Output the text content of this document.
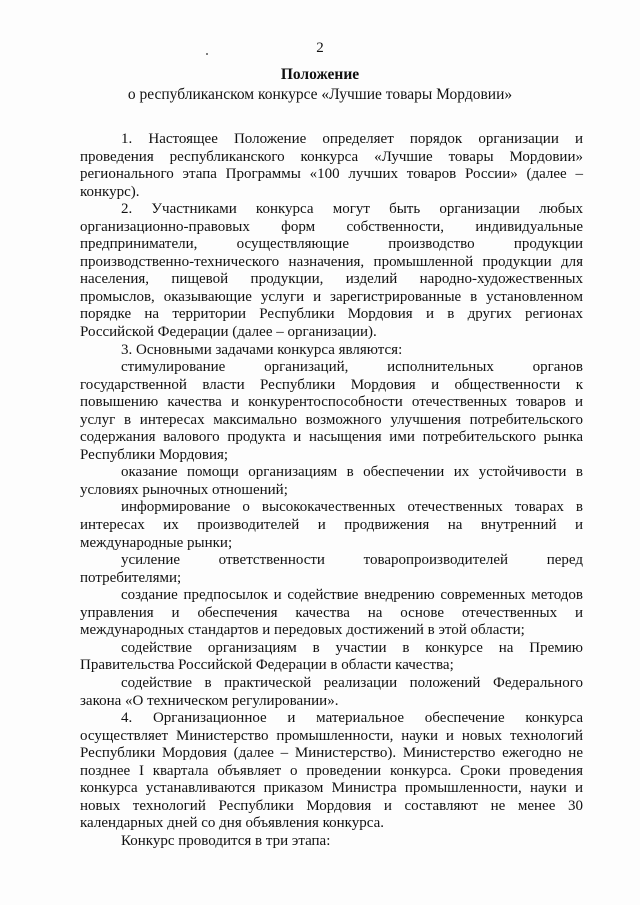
2
Положение
о республиканском конкурсе «Лучшие товары Мордовии»

1. Настоящее Положение определяет порядок организации и проведения республиканского конкурса «Лучшие товары Мордовии» регионального этапа Программы «100 лучших товаров России» (далее – конкурс).

2. Участниками конкурса могут быть организации любых организационно-правовых форм собственности, индивидуальные предприниматели, осуществляющие производство продукции производственно-технического назначения, промышленной продукции для населения, пищевой продукции, изделий народно-художественных промыслов, оказывающие услуги и зарегистрированные в установленном порядке на территории Республики Мордовия и в других регионах Российской Федерации (далее – организации).

3. Основными задачами конкурса являются:

стимулирование организаций, исполнительных органов государственной власти Республики Мордовия и общественности к повышению качества и конкурентоспособности отечественных товаров и услуг в интересах максимально возможного улучшения потребительского содержания валового продукта и насыщения ими потребительского рынка Республики Мордовия;

оказание помощи организациям в обеспечении их устойчивости в условиях рыночных отношений;

информирование о высококачественных отечественных товарах в интересах их производителей и продвижения на внутренний и международные рынки;

усиление ответственности товаропроизводителей перед потребителями;

создание предпосылок и содействие внедрению современных методов управления и обеспечения качества на основе отечественных и международных стандартов и передовых достижений в этой области;

содействие организациям в участии в конкурсе на Премию Правительства Российской Федерации в области качества;

содействие в практической реализации положений Федерального закона «О техническом регулировании».

4. Организационное и материальное обеспечение конкурса осуществляет Министерство промышленности, науки и новых технологий Республики Мордовия (далее – Министерство). Министерство ежегодно не позднее I квартала объявляет о проведении конкурса. Сроки проведения конкурса устанавливаются приказом Министра промышленности, науки и новых технологий Республики Мордовия и составляют не менее 30 календарных дней со дня объявления конкурса.

Конкурс проводится в три этапа:
